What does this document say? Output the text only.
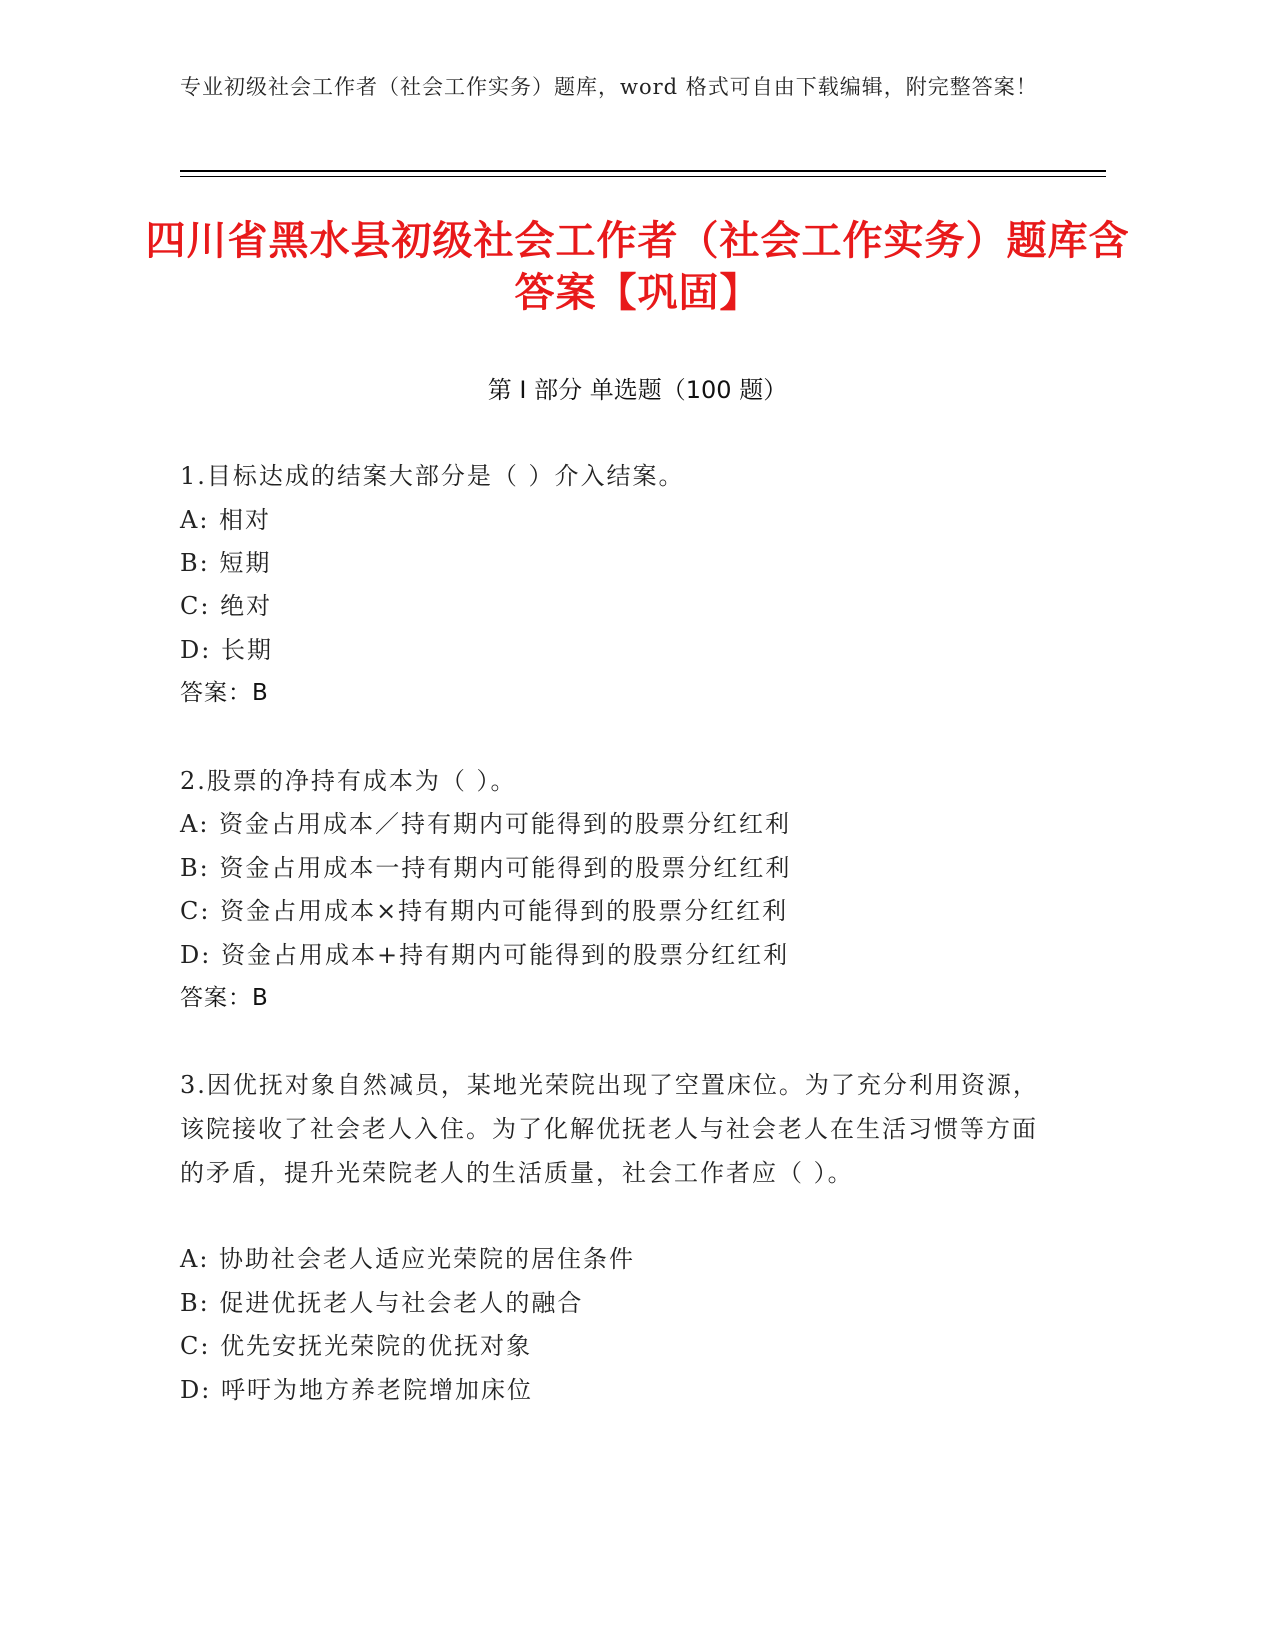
专业初级社会工作者（社会工作实务）题库，word 格式可自由下载编辑，附完整答案！
四川省黑水县初级社会工作者（社会工作实务）题库含答案【巩固】
第 I 部分 单选题（100 题）
1.目标达成的结案大部分是（ ）介入结案。
A: 相对
B: 短期
C: 绝对
D: 长期
答案：B
2.股票的净持有成本为（ ）。
A: 资金占用成本／持有期内可能得到的股票分红红利
B: 资金占用成本一持有期内可能得到的股票分红红利
C: 资金占用成本×持有期内可能得到的股票分红红利
D: 资金占用成本+持有期内可能得到的股票分红红利
答案：B
3.因优抚对象自然减员，某地光荣院出现了空置床位。为了充分利用资源，该院接收了社会老人入住。为了化解优抚老人与社会老人在生活习惯等方面的矛盾，提升光荣院老人的生活质量，社会工作者应（ ）。
A: 协助社会老人适应光荣院的居住条件
B: 促进优抚老人与社会老人的融合
C: 优先安抚光荣院的优抚对象
D: 呼吁为地方养老院增加床位
